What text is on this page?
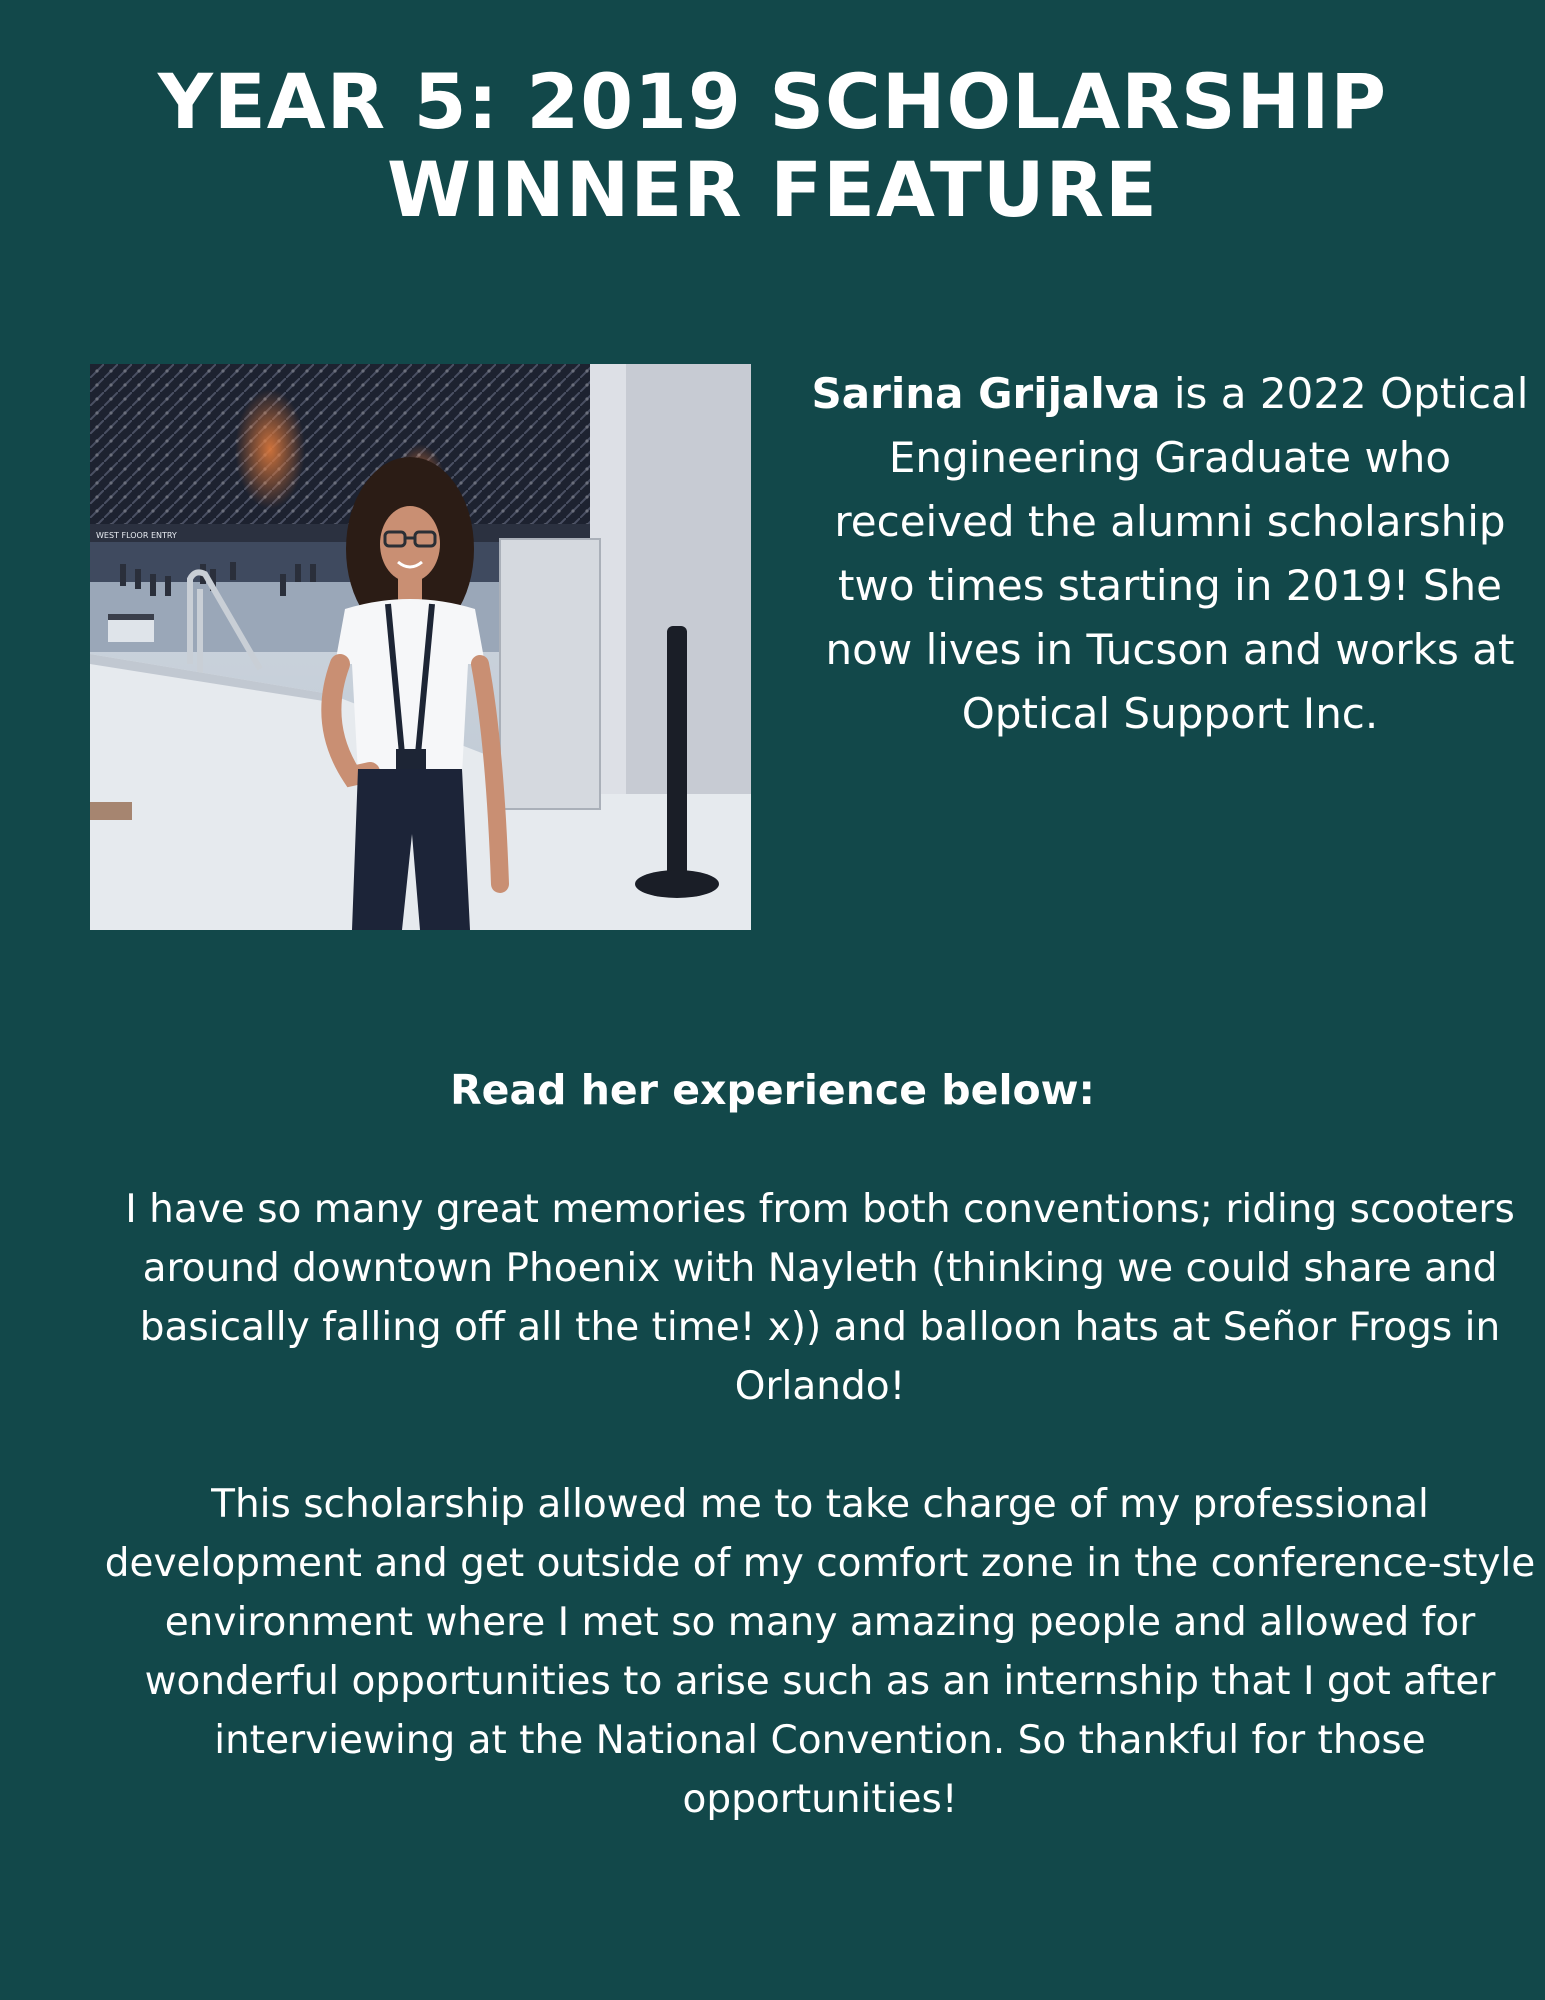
YEAR 5: 2019 SCHOLARSHIP
WINNER FEATURE
WEST FLOOR ENTRY

Sarina Grijalva is a 2022 Optical Engineering Graduate who received the alumni scholarship two times starting in 2019! She now lives in Tucson and works at Optical Support Inc.

Read her experience below:

I have so many great memories from both conventions; riding scooters around downtown Phoenix with Nayleth (thinking we could share and basically falling off all the time! x)) and balloon hats at Señor Frogs in Orlando!

This scholarship allowed me to take charge of my professional development and get outside of my comfort zone in the conference-style environment where I met so many amazing people and allowed for wonderful opportunities to arise such as an internship that I got after interviewing at the National Convention. So thankful for those opportunities!
